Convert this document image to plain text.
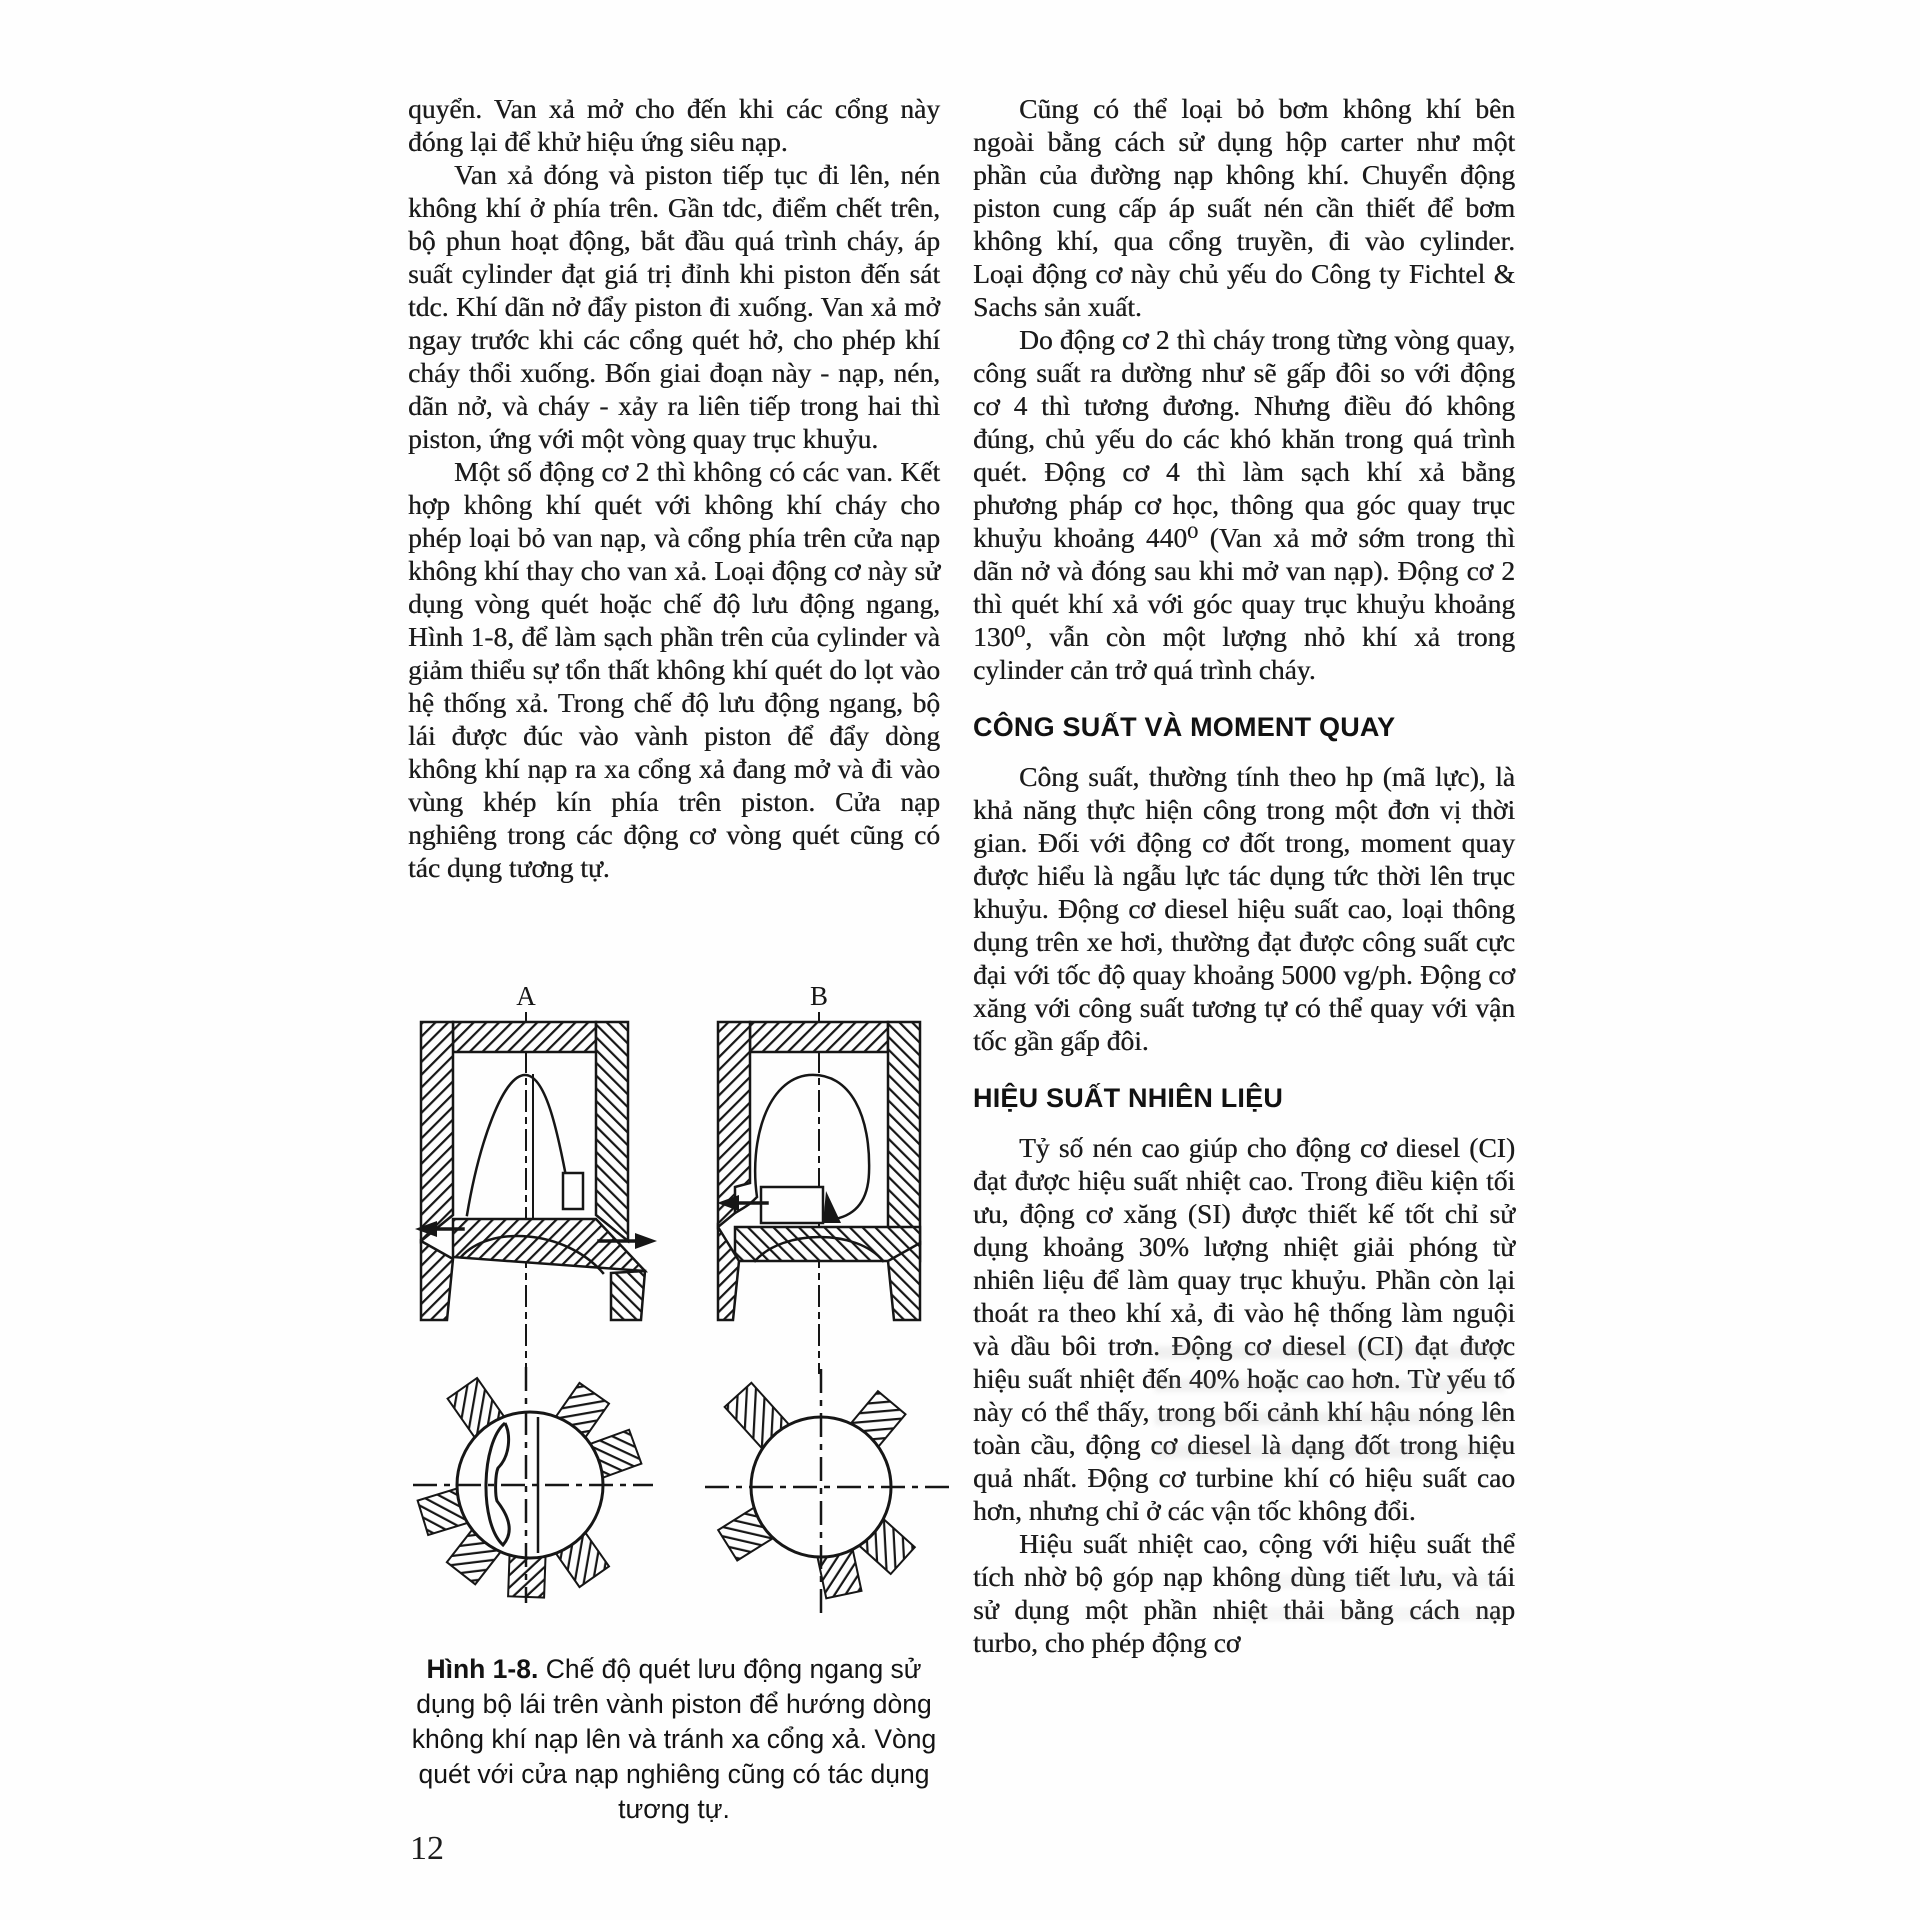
quyển. Van xả mở cho đến khi các cổng này đóng lại để khử hiệu ứng siêu nạp.

Van xả đóng và piston tiếp tục đi lên, nén không khí ở phía trên. Gần tdc, điểm chết trên, bộ phun hoạt động, bắt đầu quá trình cháy, áp suất cylinder đạt giá trị đỉnh khi piston đến sát tdc. Khí dãn nở đẩy piston đi xuống. Van xả mở ngay trước khi các cổng quét hở, cho phép khí cháy thổi xuống. Bốn giai đoạn này - nạp, nén, dãn nở, và cháy - xảy ra liên tiếp trong hai thì piston, ứng với một vòng quay trục khuỷu.

Một số động cơ 2 thì không có các van. Kết hợp không khí quét với không khí cháy cho phép loại bỏ van nạp, và cổng phía trên cửa nạp không khí thay cho van xả. Loại động cơ này sử dụng vòng quét hoặc chế độ lưu động ngang, Hình 1-8, để làm sạch phần trên của cylinder và giảm thiểu sự tổn thất không khí quét do lọt vào hệ thống xả. Trong chế độ lưu động ngang, bộ lái được đúc vào vành piston để đẩy dòng không khí nạp ra xa cổng xả đang mở và đi vào vùng khép kín phía trên piston. Cửa nạp nghiêng trong các động cơ vòng quét cũng có tác dụng tương tự.

Cũng có thể loại bỏ bơm không khí bên ngoài bằng cách sử dụng hộp carter như một phần của đường nạp không khí. Chuyển động piston cung cấp áp suất nén cần thiết để bơm không khí, qua cổng truyền, đi vào cylinder. Loại động cơ này chủ yếu do Công ty Fichtel & Sachs sản xuất.

Do động cơ 2 thì cháy trong từng vòng quay, công suất ra dường như sẽ gấp đôi so với động cơ 4 thì tương đương. Nhưng điều đó không đúng, chủ yếu do các khó khăn trong quá trình quét. Động cơ 4 thì làm sạch khí xả bằng phương pháp cơ học, thông qua góc quay trục khuỷu khoảng 440⁰ (Van xả mở sớm trong thì dãn nở và đóng sau khi mở van nạp). Động cơ 2 thì quét khí xả với góc quay trục khuỷu khoảng 130⁰, vẫn còn một lượng nhỏ khí xả trong cylinder cản trở quá trình cháy.

CÔNG SUẤT VÀ MOMENT QUAY

Công suất, thường tính theo hp (mã lực), là khả năng thực hiện công trong một đơn vị thời gian. Đối với động cơ đốt trong, moment quay được hiểu là ngẫu lực tác dụng tức thời lên trục khuỷu. Động cơ diesel hiệu suất cao, loại thông dụng trên xe hơi, thường đạt được công suất cực đại với tốc độ quay khoảng 5000 vg/ph. Động cơ xăng với công suất tương tự có thể quay với vận tốc gần gấp đôi.

HIỆU SUẤT NHIÊN LIỆU

Tỷ số nén cao giúp cho động cơ diesel (CI) đạt được hiệu suất nhiệt cao. Trong điều kiện tối ưu, động cơ xăng (SI) được thiết kế tốt chỉ sử dụng khoảng 30% lượng nhiệt giải phóng từ nhiên liệu để làm quay trục khuỷu. Phần còn lại thoát ra theo khí xả, đi vào hệ thống làm nguội và dầu bôi trơn. Động cơ diesel (CI) đạt được hiệu suất nhiệt đến 40% hoặc cao hơn. Từ yếu tố này có thể thấy, trong bối cảnh khí hậu nóng lên toàn cầu, động cơ diesel là dạng đốt trong hiệu quả nhất. Động cơ turbine khí có hiệu suất cao hơn, nhưng chỉ ở các vận tốc không đổi.

Hiệu suất nhiệt cao, cộng với hiệu suất thể tích nhờ bộ góp nạp không dùng tiết lưu, và tái sử dụng một phần nhiệt thải bằng cách nạp turbo, cho phép động cơ

A	B
Hình 1-8. Chế độ quét lưu động ngang sử dụng bộ lái trên vành piston để hướng dòng không khí nạp lên và tránh xa cổng xả. Vòng quét với cửa nạp nghiêng cũng có tác dụng tương tự.
12
